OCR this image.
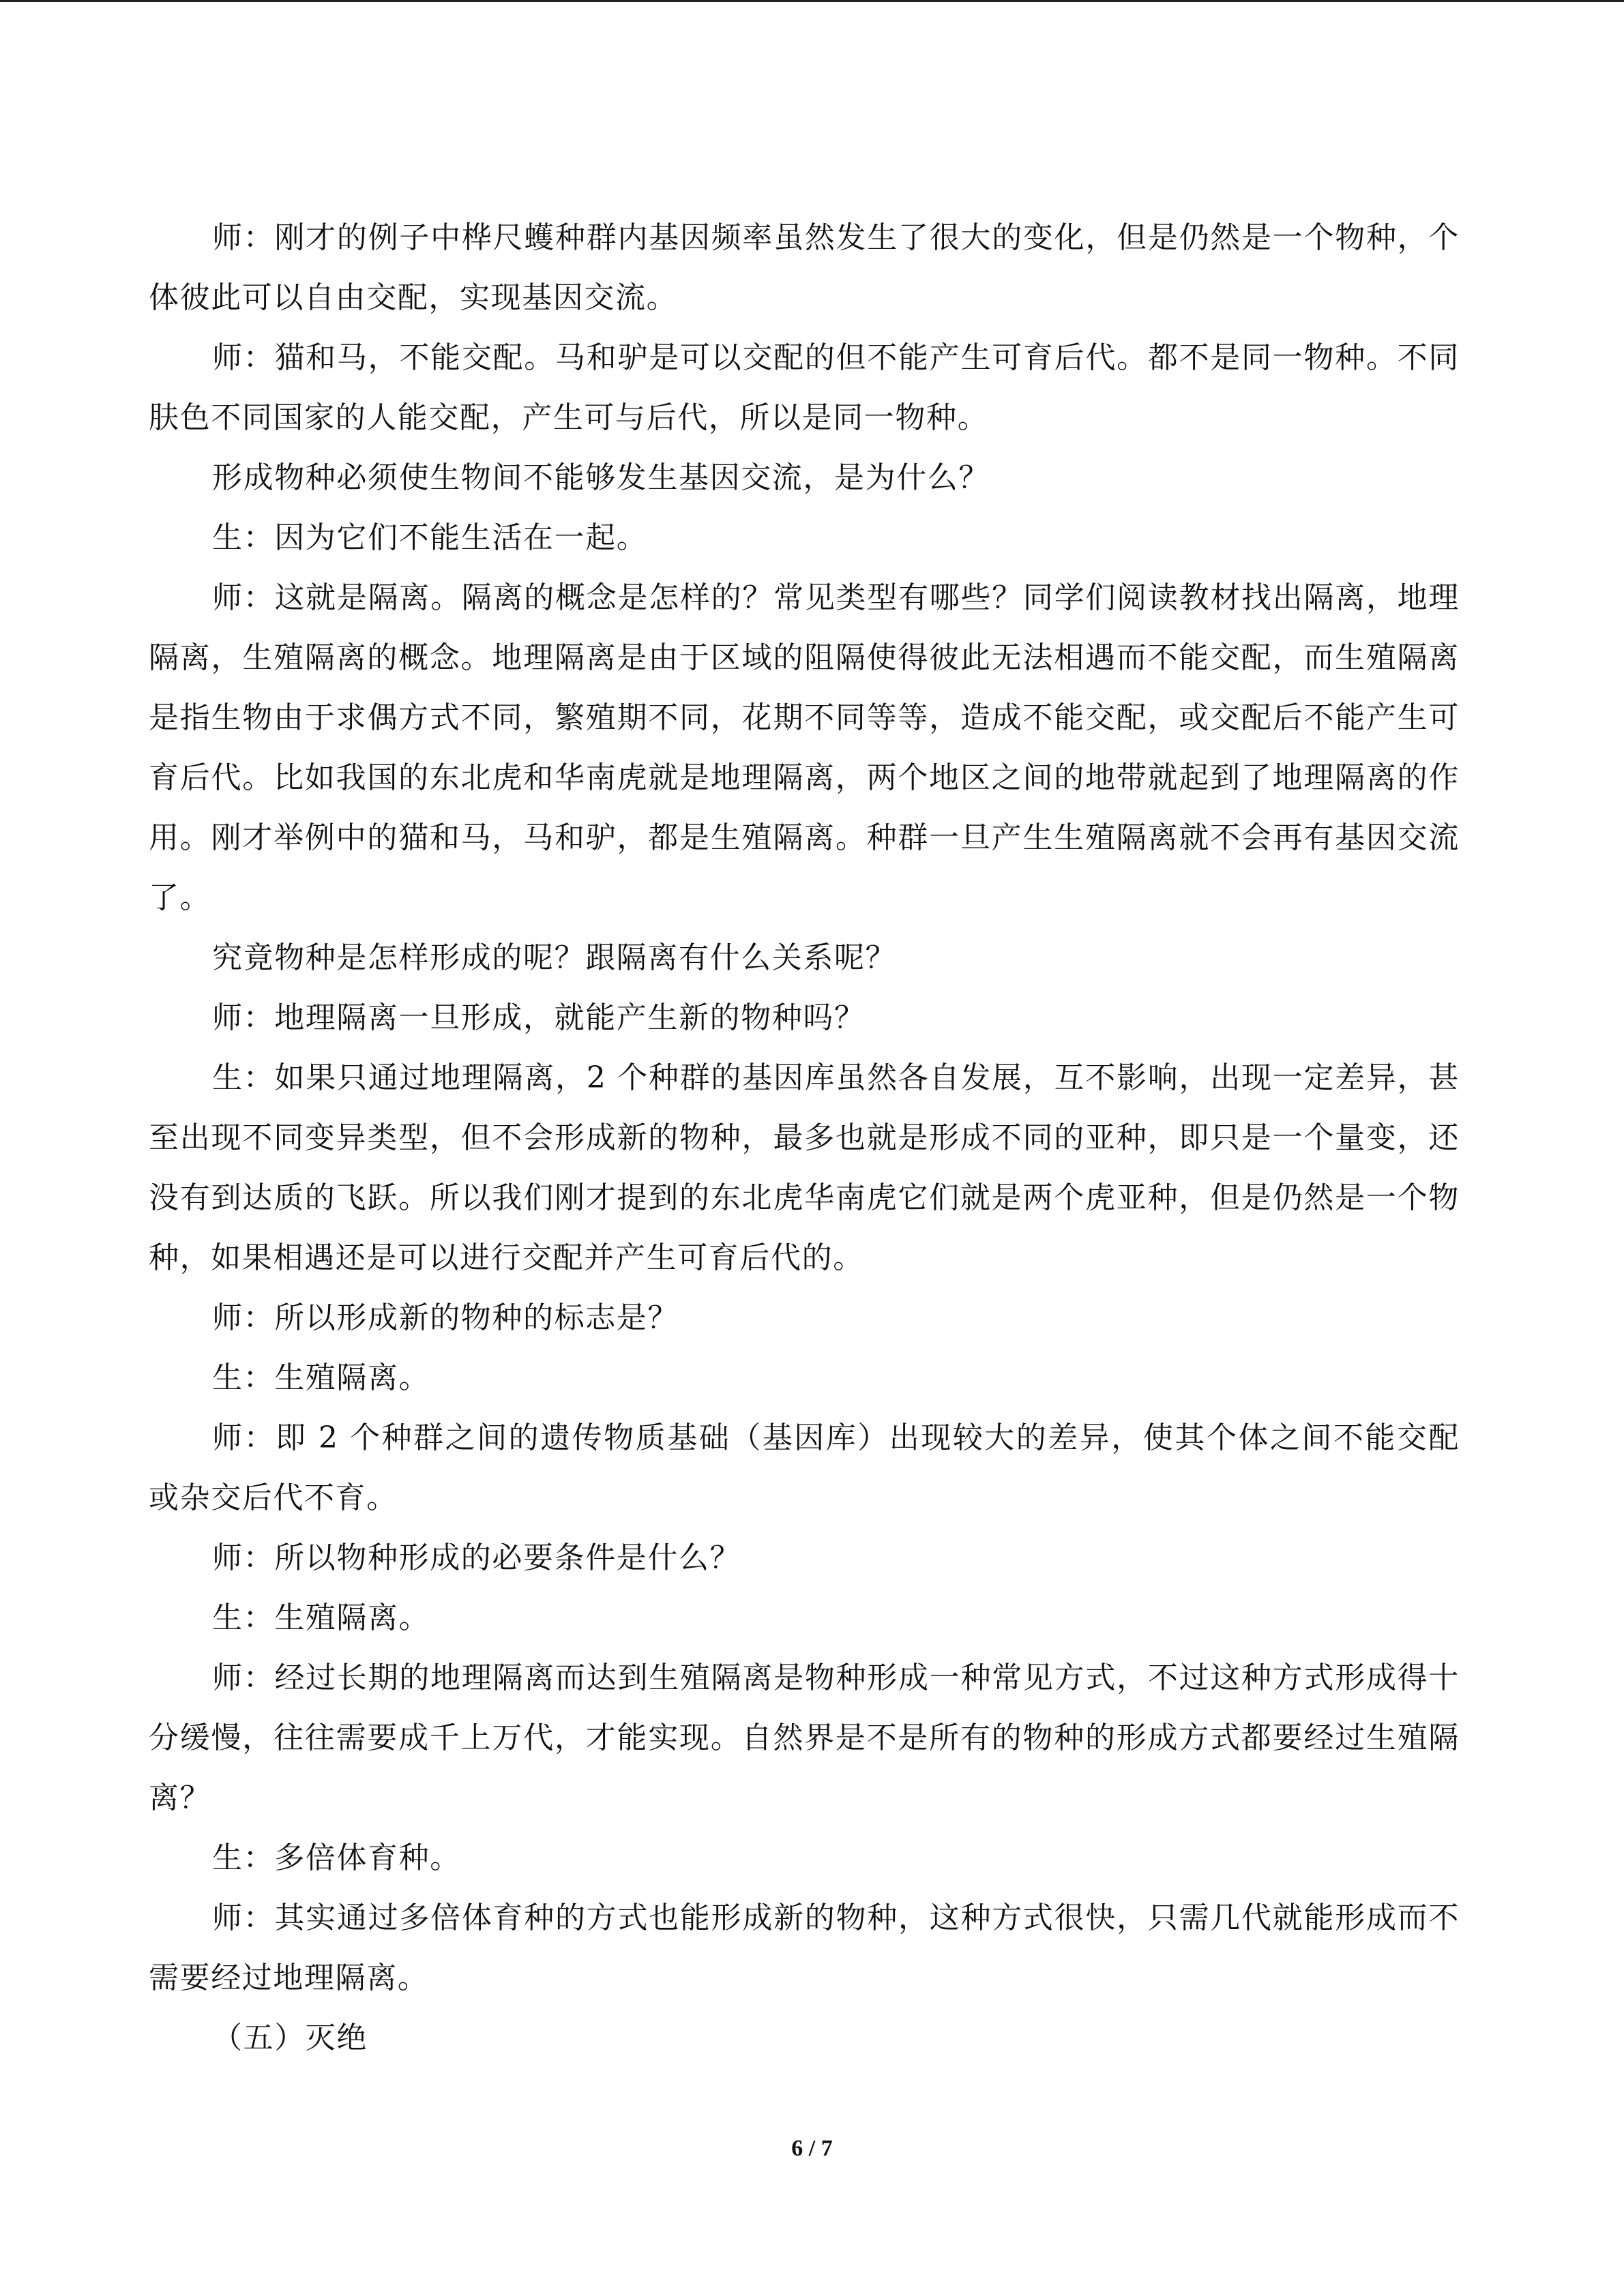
师：刚才的例子中桦尺蠖种群内基因频率虽然发生了很大的变化，但是仍然是一个物种，个体彼此可以自由交配，实现基因交流。

师：猫和马，不能交配。马和驴是可以交配的但不能产生可育后代。都不是同一物种。不同肤色不同国家的人能交配，产生可与后代，所以是同一物种。

形成物种必须使生物间不能够发生基因交流，是为什么？

生：因为它们不能生活在一起。

师：这就是隔离。隔离的概念是怎样的？常见类型有哪些？同学们阅读教材找出隔离，地理隔离，生殖隔离的概念。地理隔离是由于区域的阻隔使得彼此无法相遇而不能交配，而生殖隔离是指生物由于求偶方式不同，繁殖期不同，花期不同等等，造成不能交配，或交配后不能产生可育后代。比如我国的东北虎和华南虎就是地理隔离，两个地区之间的地带就起到了地理隔离的作用。刚才举例中的猫和马，马和驴，都是生殖隔离。种群一旦产生生殖隔离就不会再有基因交流了。

究竟物种是怎样形成的呢？跟隔离有什么关系呢？

师：地理隔离一旦形成，就能产生新的物种吗？

生：如果只通过地理隔离，2 个种群的基因库虽然各自发展，互不影响，出现一定差异，甚至出现不同变异类型，但不会形成新的物种，最多也就是形成不同的亚种，即只是一个量变，还没有到达质的飞跃。所以我们刚才提到的东北虎华南虎它们就是两个虎亚种，但是仍然是一个物种，如果相遇还是可以进行交配并产生可育后代的。

师：所以形成新的物种的标志是？

生：生殖隔离。

师：即 2 个种群之间的遗传物质基础（基因库）出现较大的差异，使其个体之间不能交配或杂交后代不育。

师：所以物种形成的必要条件是什么？

生：生殖隔离。

师：经过长期的地理隔离而达到生殖隔离是物种形成一种常见方式，不过这种方式形成得十分缓慢，往往需要成千上万代，才能实现。自然界是不是所有的物种的形成方式都要经过生殖隔离？

生：多倍体育种。

师：其实通过多倍体育种的方式也能形成新的物种，这种方式很快，只需几代就能形成而不需要经过地理隔离。

（五）灭绝

6 / 7
